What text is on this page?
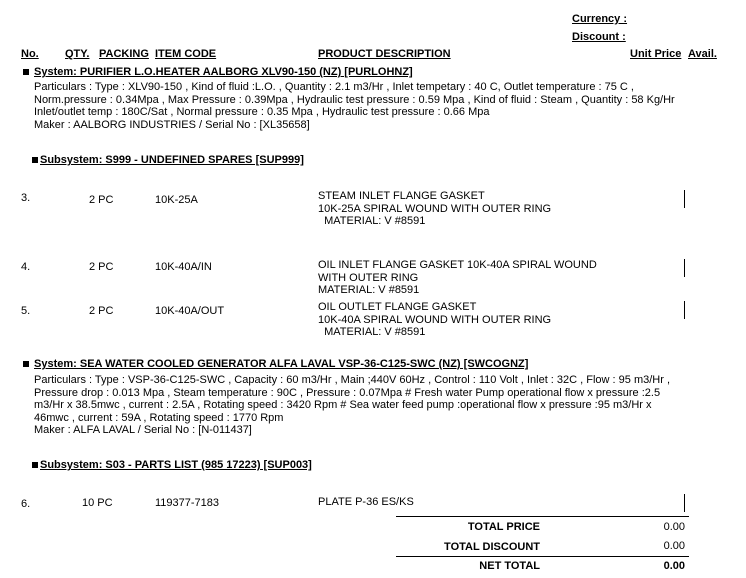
Currency :
Discount :
No. QTY. PACKING ITEM CODE	PRODUCT DESCRIPTION	Unit Price Avail.
System: PURIFIER L.O.HEATER AALBORG XLV90-150 (NZ) [PURLOHNZ]
Particulars : Type : XLV90-150 , Kind of fluid :L.O. , Quantity : 2.1 m3/Hr , Inlet tempetary : 40 C, Outlet temperature : 75 C ,
Norm.pressure : 0.34Mpa , Max Pressure : 0.39Mpa , Hydraulic test pressure : 0.59 Mpa , Kind of fluid : Steam , Quantity : 58 Kg/Hr
Inlet/outlet temp : 180C/Sat , Normal pressure : 0.35 Mpa , Hydraulic test pressure : 0.66 Mpa
Maker : AALBORG INDUSTRIES / Serial No : [XL35658]
Subsystem: S999 - UNDEFINED SPARES [SUP999]
3.	2 PC	10K-25A	STEAM INLET FLANGE GASKET
10K-25A SPIRAL WOUND WITH OUTER RING
MATERIAL: V #8591
4.	2 PC	10K-40A/IN	OIL INLET FLANGE GASKET 10K-40A SPIRAL WOUND
WITH OUTER RING
MATERIAL: V #8591
5.	2 PC	10K-40A/OUT	OIL OUTLET FLANGE GASKET
10K-40A SPIRAL WOUND WITH OUTER RING
MATERIAL: V #8591
System: SEA WATER COOLED GENERATOR ALFA LAVAL VSP-36-C125-SWC (NZ) [SWCOGNZ]
Particulars : Type : VSP-36-C125-SWC , Capacity : 60 m3/Hr , Main ;440V 60Hz , Control : 110 Volt , Inlet : 32C , Flow : 95 m3/Hr ,
Pressure drop : 0.013 Mpa , Steam temperature : 90C , Pressure : 0.07Mpa # Fresh water Pump operational flow x pressure :2.5
m3/Hr x 38.5mwc , current : 2.5A , Rotating speed : 3420 Rpm # Sea water feed pump :operational flow x pressure :95 m3/Hr x
46mwc , current : 59A , Rotating speed : 1770 Rpm
Maker : ALFA LAVAL / Serial No : [N-011437]
Subsystem: S03 - PARTS LIST (985 17223) [SUP003]
6.	10 PC	119377-7183	PLATE P-36 ES/KS
TOTAL PRICE	0.00
TOTAL DISCOUNT	0.00
NET TOTAL	0.00
